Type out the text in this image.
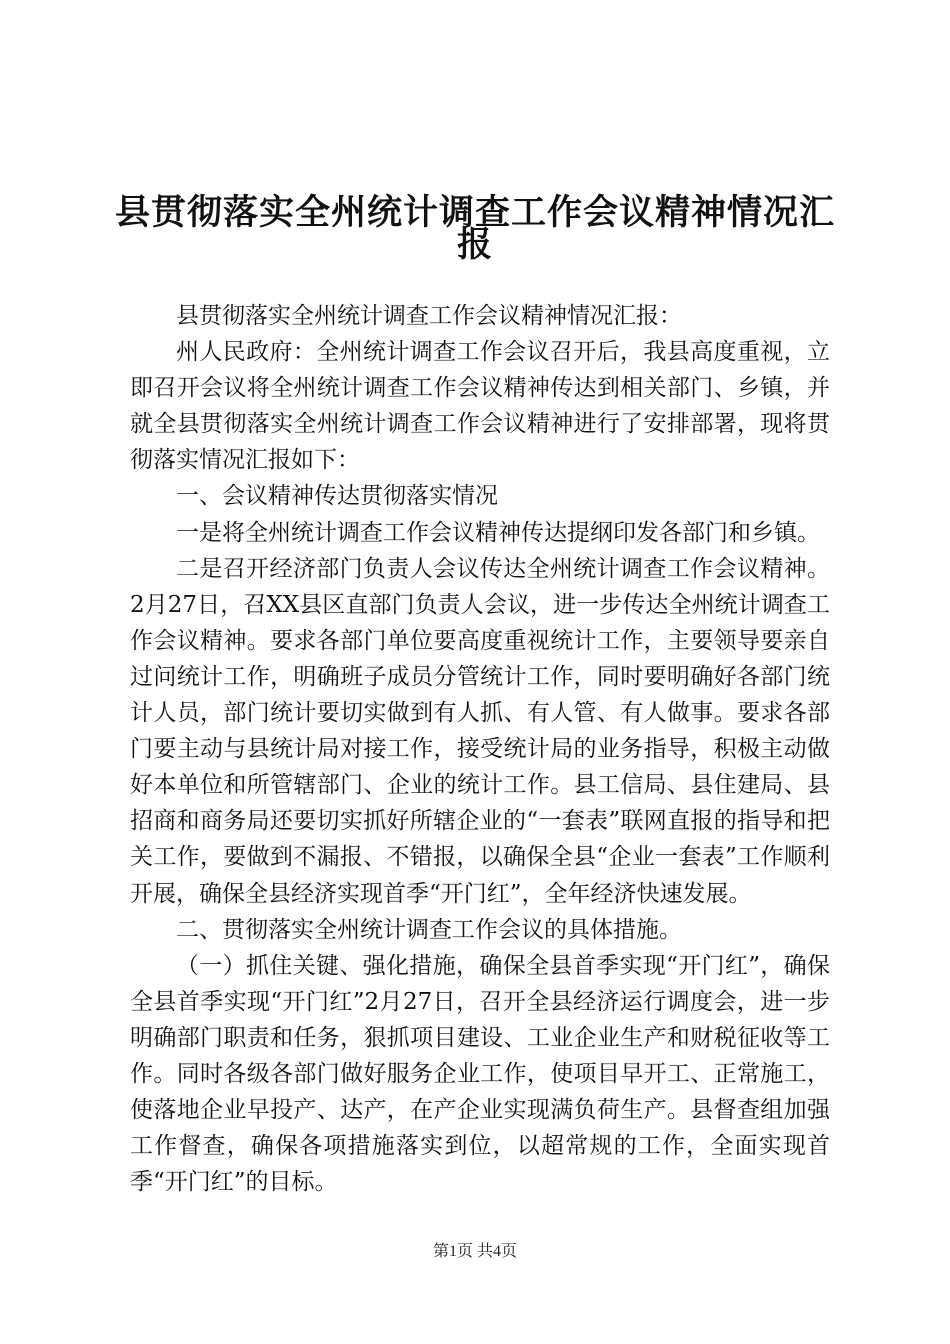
县贯彻落实全州统计调查工作会议精神情况汇
报

县贯彻落实全州统计调查工作会议精神情况汇报：

州人民政府：全州统计调查工作会议召开后，我县高度重视，立即召开会议将全州统计调查工作会议精神传达到相关部门、乡镇，并就全县贯彻落实全州统计调查工作会议精神进行了安排部署，现将贯彻落实情况汇报如下：

一、会议精神传达贯彻落实情况

一是将全州统计调查工作会议精神传达提纲印发各部门和乡镇。

二是召开经济部门负责人会议传达全州统计调查工作会议精神。2月27日，召XX县区直部门负责人会议，进一步传达全州统计调查工作会议精神。要求各部门单位要高度重视统计工作，主要领导要亲自过问统计工作，明确班子成员分管统计工作，同时要明确好各部门统计人员，部门统计要切实做到有人抓、有人管、有人做事。要求各部门要主动与县统计局对接工作，接受统计局的业务指导，积极主动做好本单位和所管辖部门、企业的统计工作。县工信局、县住建局、县招商和商务局还要切实抓好所辖企业的“一套表”联网直报的指导和把关工作，要做到不漏报、不错报，以确保全县“企业一套表”工作顺利开展，确保全县经济实现首季“开门红”，全年经济快速发展。

二、贯彻落实全州统计调查工作会议的具体措施。

（一）抓住关键、强化措施，确保全县首季实现“开门红”，确保全县首季实现“开门红”2月27日，召开全县经济运行调度会，进一步明确部门职责和任务，狠抓项目建设、工业企业生产和财税征收等工作。同时各级各部门做好服务企业工作，使项目早开工、正常施工，使落地企业早投产、达产，在产企业实现满负荷生产。县督查组加强工作督查，确保各项措施落实到位，以超常规的工作，全面实现首季“开门红”的目标。

第1页 共4页
